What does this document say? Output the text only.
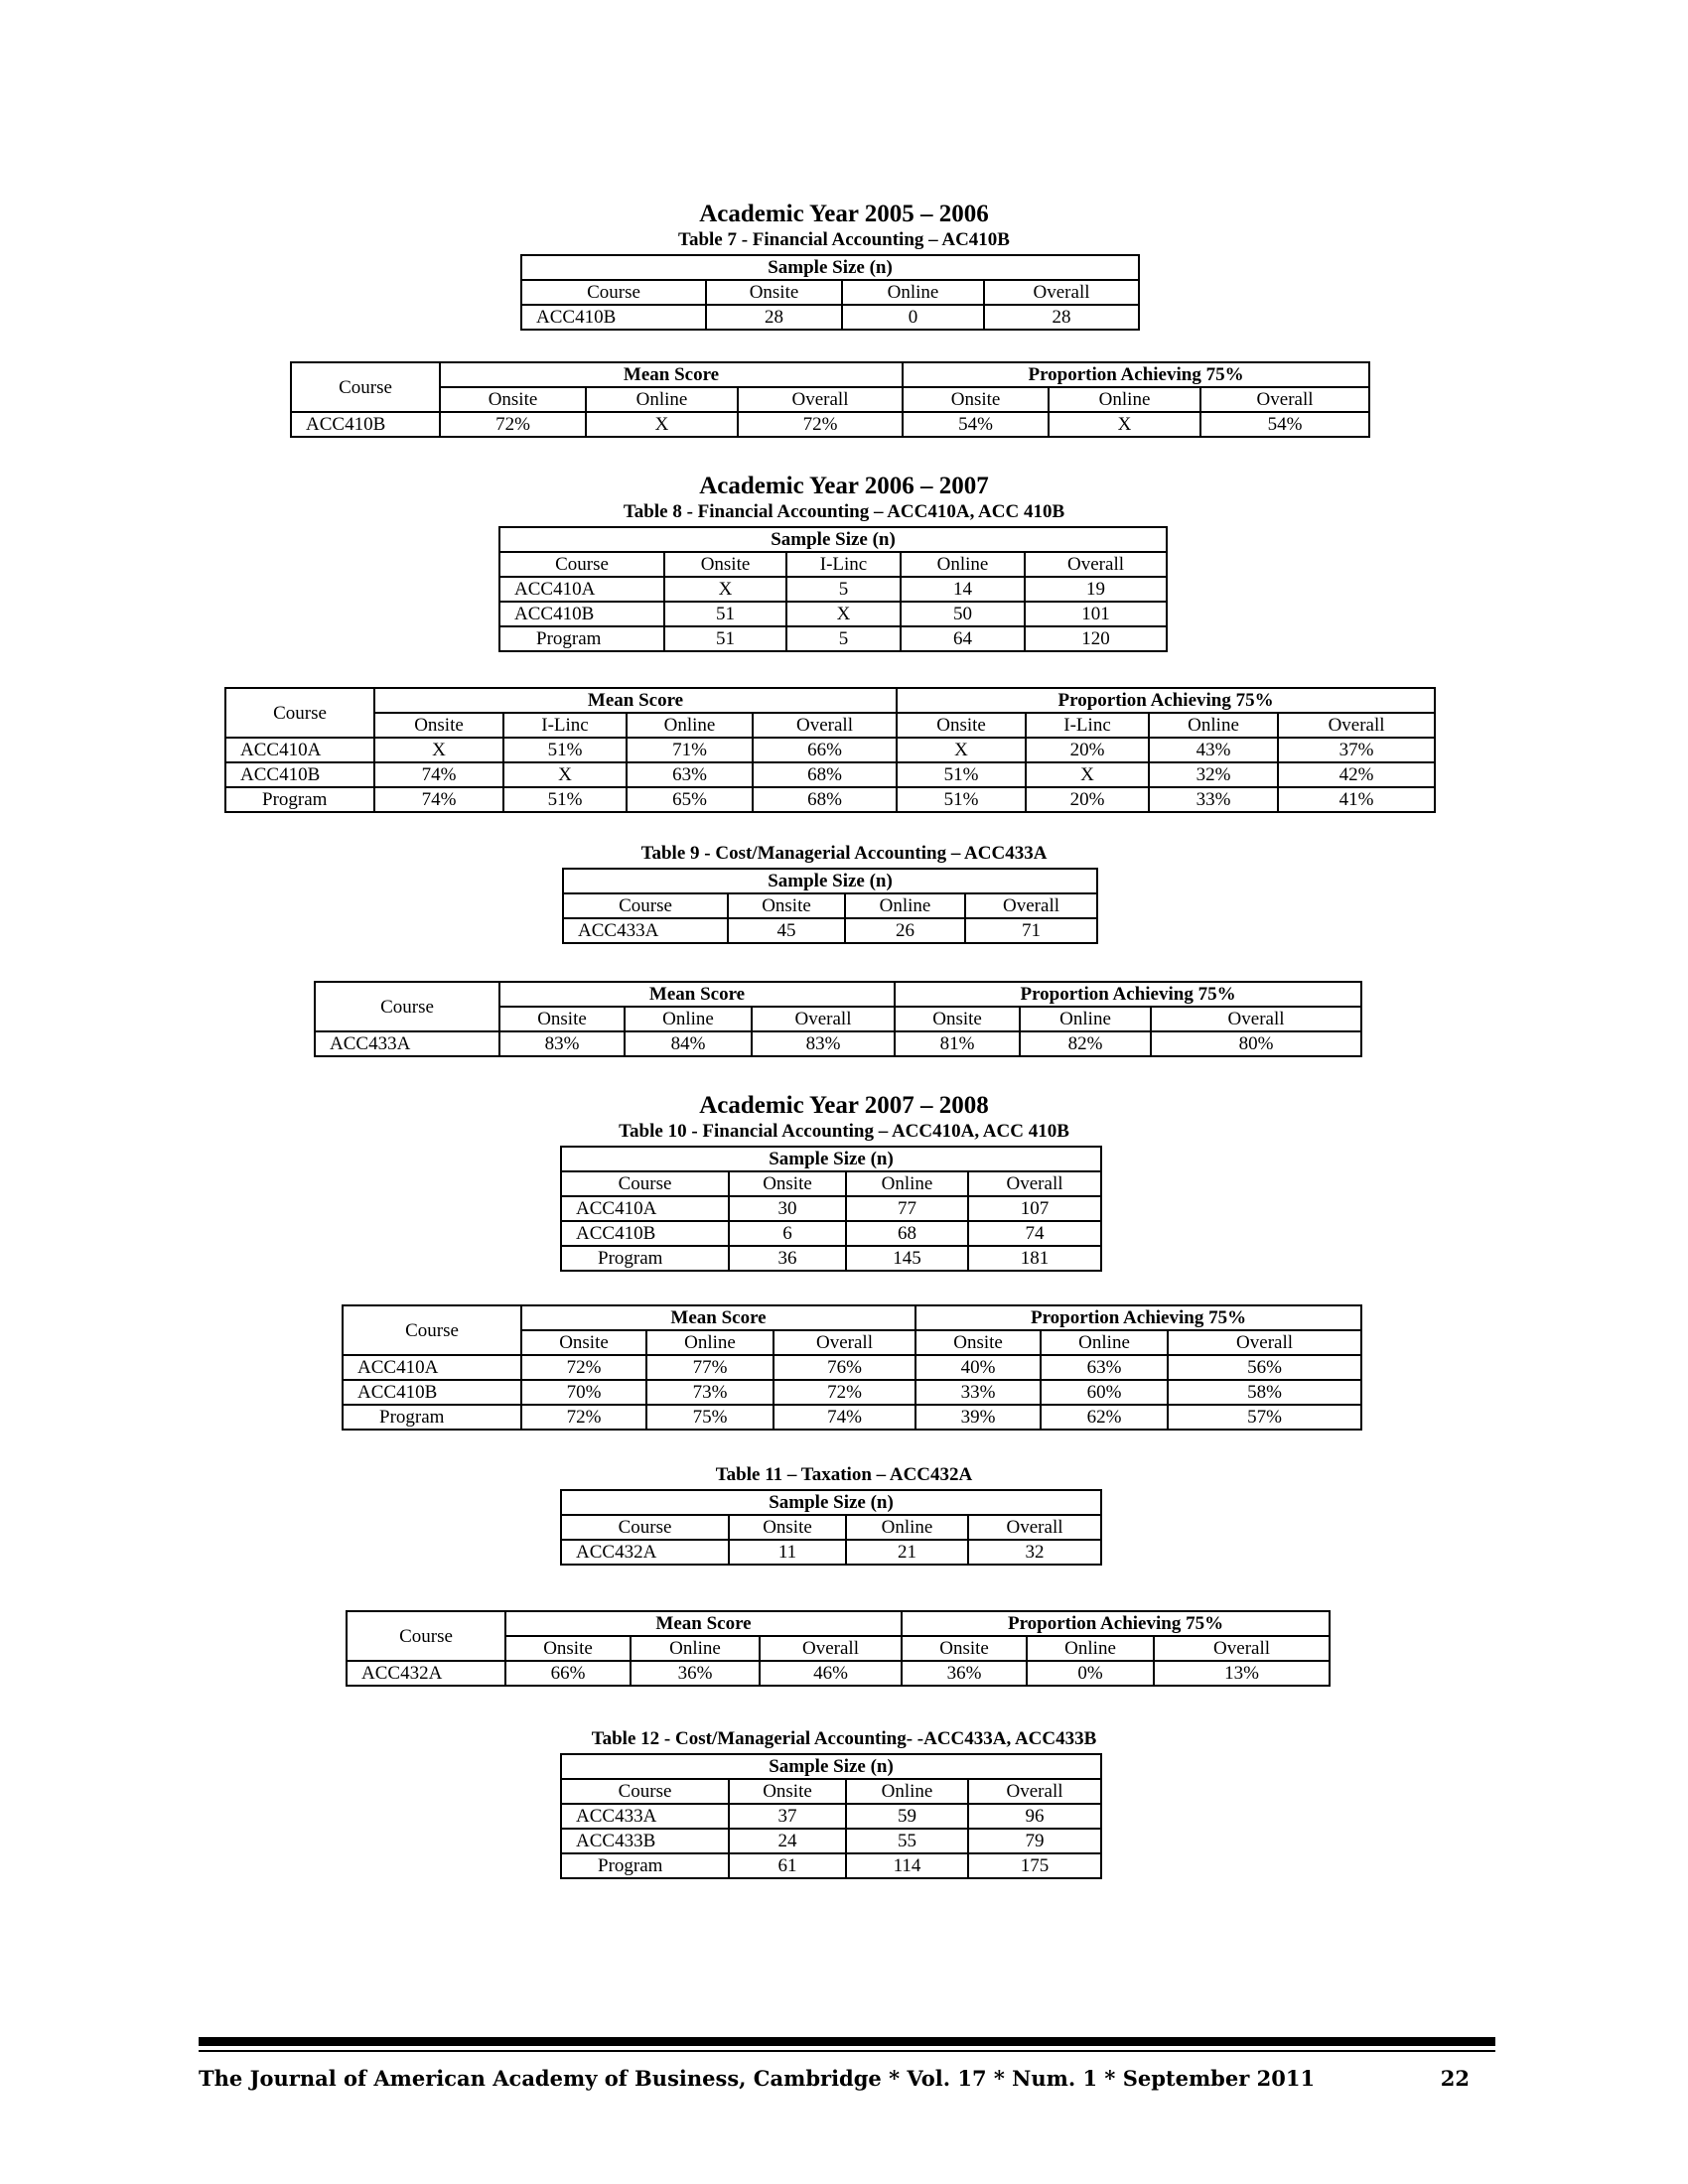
Academic Year 2005 – 2006
Table 7 - Financial Accounting – AC410B
Sample Size (n)			
Course	Onsite	Online	Overall
ACC410B	28	0	28
Course	Mean Score			Proportion Achieving 75%		
	Onsite	Online	Overall	Onsite	Online	Overall
ACC410B	72%	X	72%	54%	X	54%
Academic Year 2006 – 2007
Table 8 - Financial Accounting – ACC410A, ACC 410B
Sample Size (n)				
Course	Onsite	I-Linc	Online	Overall
ACC410A	X	5	14	19
ACC410B	51	X	50	101
Program	51	5	64	120
Course	Mean Score				Proportion Achieving 75%			
	Onsite	I-Linc	Online	Overall	Onsite	I-Linc	Online	Overall
ACC410A	X	51%	71%	66%	X	20%	43%	37%
ACC410B	74%	X	63%	68%	51%	X	32%	42%
Program	74%	51%	65%	68%	51%	20%	33%	41%
Table 9 - Cost/Managerial Accounting – ACC433A
Sample Size (n)			
Course	Onsite	Online	Overall
ACC433A	45	26	71
Course	Mean Score			Proportion Achieving 75%		
	Onsite	Online	Overall	Onsite	Online	Overall
ACC433A	83%	84%	83%	81%	82%	80%
Academic Year 2007 – 2008
Table 10 - Financial Accounting – ACC410A, ACC 410B
Sample Size (n)			
Course	Onsite	Online	Overall
ACC410A	30	77	107
ACC410B	6	68	74
Program	36	145	181
Course	Mean Score			Proportion Achieving 75%		
	Onsite	Online	Overall	Onsite	Online	Overall
ACC410A	72%	77%	76%	40%	63%	56%
ACC410B	70%	73%	72%	33%	60%	58%
Program	72%	75%	74%	39%	62%	57%
Table 11 – Taxation – ACC432A
Sample Size (n)			
Course	Onsite	Online	Overall
ACC432A	11	21	32
Course	Mean Score			Proportion Achieving 75%		
	Onsite	Online	Overall	Onsite	Online	Overall
ACC432A	66%	36%	46%	36%	0%	13%
Table 12 - Cost/Managerial Accounting- -ACC433A, ACC433B
Sample Size (n)			
Course	Onsite	Online	Overall
ACC433A	37	59	96
ACC433B	24	55	79
Program	61	114	175
The Journal of American Academy of Business, Cambridge * Vol. 17 * Num. 1 * September 2011	22
